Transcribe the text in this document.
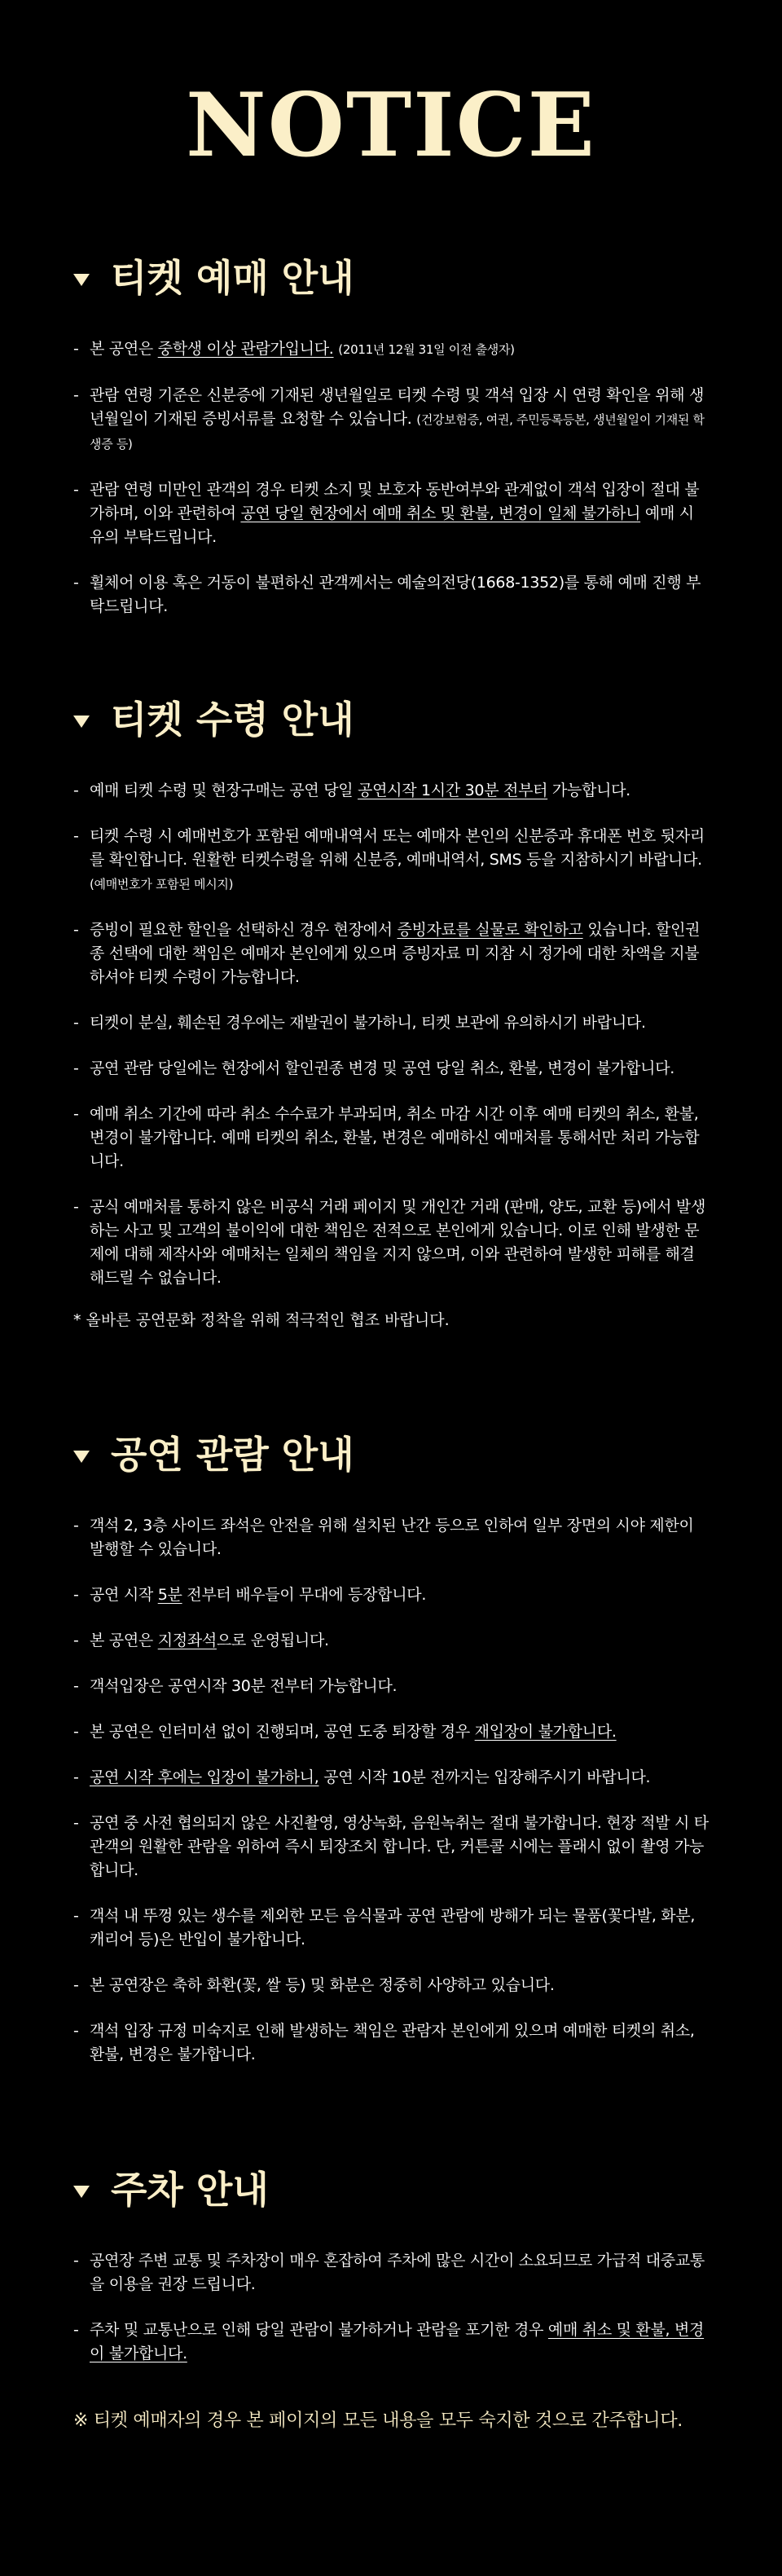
NOTICE
티켓 예매 안내
- 본 공연은 중학생 이상 관람가입니다. (2011년 12월 31일 이전 출생자)
- 관람 연령 기준은 신분증에 기재된 생년월일로 티켓 수령 및 객석 입장 시 연령 확인을 위해 생년월일이 기재된 증빙서류를 요청할 수 있습니다. (건강보험증, 여권, 주민등록등본, 생년월일이 기재된 학생증 등)
- 관람 연령 미만인 관객의 경우 티켓 소지 및 보호자 동반여부와 관계없이 객석 입장이 절대 불가하며, 이와 관련하여 공연 당일 현장에서 예매 취소 및 환불, 변경이 일체 불가하니 예매 시 유의 부탁드립니다.
- 휠체어 이용 혹은 거동이 불편하신 관객께서는 예술의전당(1668-1352)를 통해 예매 진행 부탁드립니다.
티켓 수령 안내
- 예매 티켓 수령 및 현장구매는 공연 당일 공연시작 1시간 30분 전부터 가능합니다.
- 티켓 수령 시 예매번호가 포함된 예매내역서 또는 예매자 본인의 신분증과 휴대폰 번호 뒷자리를 확인합니다. 원활한 티켓수령을 위해 신분증, 예매내역서, SMS 등을 지참하시기 바랍니다.(예매번호가 포함된 메시지)
- 증빙이 필요한 할인을 선택하신 경우 현장에서 증빙자료를 실물로 확인하고 있습니다. 할인권종 선택에 대한 책임은 예매자 본인에게 있으며 증빙자료 미 지참 시 정가에 대한 차액을 지불하셔야 티켓 수령이 가능합니다.
- 티켓이 분실, 훼손된 경우에는 재발권이 불가하니, 티켓 보관에 유의하시기 바랍니다.
- 공연 관람 당일에는 현장에서 할인권종 변경 및 공연 당일 취소, 환불, 변경이 불가합니다.
- 예매 취소 기간에 따라 취소 수수료가 부과되며, 취소 마감 시간 이후 예매 티켓의 취소, 환불, 변경이 불가합니다. 예매 티켓의 취소, 환불, 변경은 예매하신 예매처를 통해서만 처리 가능합니다.
- 공식 예매처를 통하지 않은 비공식 거래 페이지 및 개인간 거래 (판매, 양도, 교환 등)에서 발생하는 사고 및 고객의 불이익에 대한 책임은 전적으로 본인에게 있습니다. 이로 인해 발생한 문제에 대해 제작사와 예매처는 일체의 책임을 지지 않으며, 이와 관련하여 발생한 피해를 해결해드릴 수 없습니다.
* 올바른 공연문화 정착을 위해 적극적인 협조 바랍니다.
공연 관람 안내
- 객석 2, 3층 사이드 좌석은 안전을 위해 설치된 난간 등으로 인하여 일부 장면의 시야 제한이 발행할 수 있습니다.
- 공연 시작 5분 전부터 배우들이 무대에 등장합니다.
- 본 공연은 지정좌석으로 운영됩니다.
- 객석입장은 공연시작 30분 전부터 가능합니다.
- 본 공연은 인터미션 없이 진행되며, 공연 도중 퇴장할 경우 재입장이 불가합니다.
- 공연 시작 후에는 입장이 불가하니, 공연 시작 10분 전까지는 입장해주시기 바랍니다.
- 공연 중 사전 협의되지 않은 사진촬영, 영상녹화, 음원녹취는 절대 불가합니다. 현장 적발 시 타 관객의 원활한 관람을 위하여 즉시 퇴장조치 합니다. 단, 커튼콜 시에는 플래시 없이 촬영 가능합니다.
- 객석 내 뚜껑 있는 생수를 제외한 모든 음식물과 공연 관람에 방해가 되는 물품(꽃다발, 화분, 캐리어 등)은 반입이 불가합니다.
- 본 공연장은 축하 화환(꽃, 쌀 등) 및 화분은 정중히 사양하고 있습니다.
- 객석 입장 규정 미숙지로 인해 발생하는 책임은 관람자 본인에게 있으며 예매한 티켓의 취소, 환불, 변경은 불가합니다.
주차 안내
- 공연장 주변 교통 및 주차장이 매우 혼잡하여 주차에 많은 시간이 소요되므로 가급적 대중교통을 이용을 권장 드립니다.
- 주차 및 교통난으로 인해 당일 관람이 불가하거나 관람을 포기한 경우 예매 취소 및 환불, 변경이 불가합니다.
※ 티켓 예매자의 경우 본 페이지의 모든 내용을 모두 숙지한 것으로 간주합니다.
